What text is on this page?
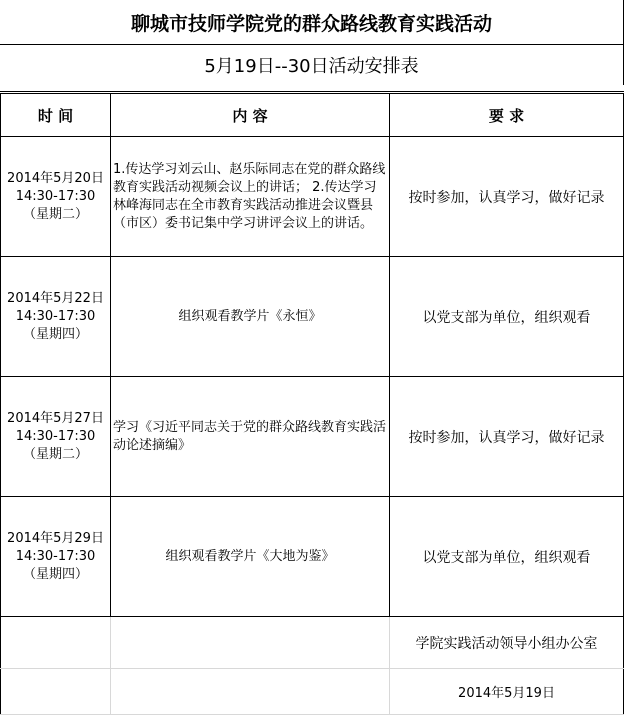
聊城市技师学院党的群众路线教育实践活动
5月19日--30日活动安排表
时 间	内 容	要 求

2014年5月20日
14:30-17:30
（星期二）	1.传达学习刘云山、赵乐际同志在党的群众路线教育实践活动视频会议上的讲话； 2.传达学习林峰海同志在全市教育实践活动推进会议暨县（市区）委书记集中学习讲评会议上的讲话。	按时参加，认真学习，做好记录

2014年5月22日
14:30-17:30
（星期四）	组织观看教学片《永恒》	以党支部为单位，组织观看

2014年5月27日
14:30-17:30
（星期二）	学习《习近平同志关于党的群众路线教育实践活动论述摘编》	按时参加，认真学习，做好记录

2014年5月29日
14:30-17:30
（星期四）	组织观看教学片《大地为鉴》	以党支部为单位，组织观看
		学院实践活动领导小组办公室
		2014年5月19日
